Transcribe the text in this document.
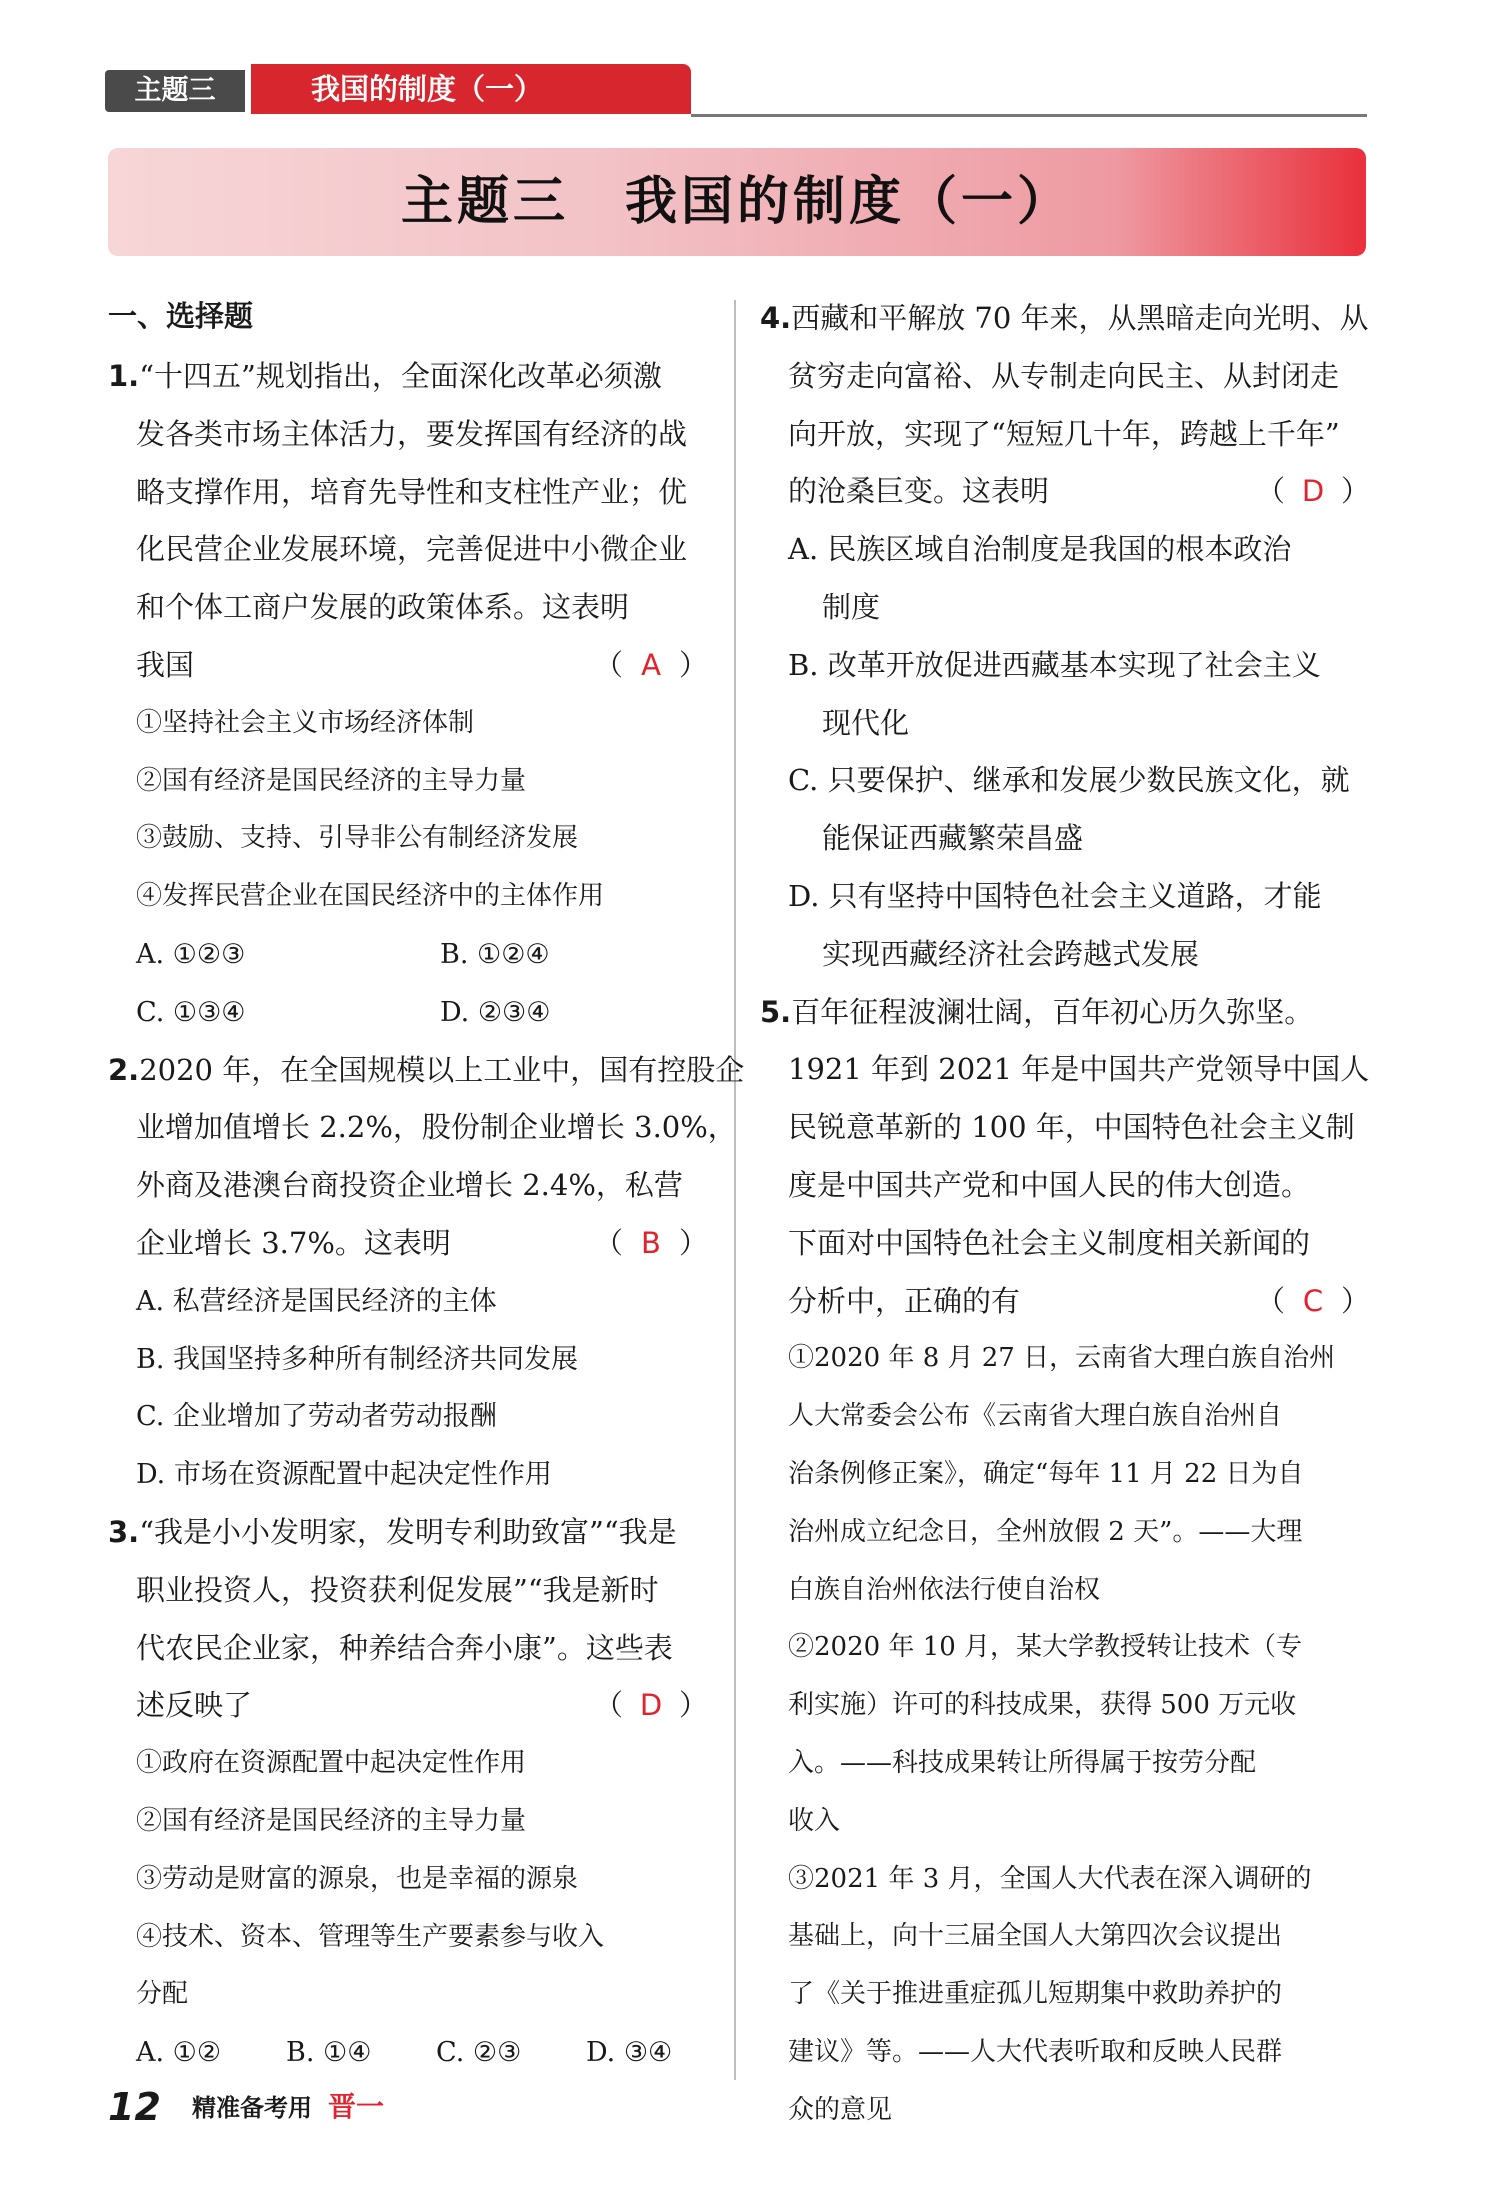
主题三	我国的制度（一）
主题三　我国的制度（一）
一、选择题
1.“十四五”规划指出，全面深化改革必须激
发各类市场主体活力，要发挥国有经济的战
略支撑作用，培育先导性和支柱性产业；优
化民营企业发展环境，完善促进中小微企业
和个体工商户发展的政策体系。这表明
我国	（ A ）
①坚持社会主义市场经济体制
②国有经济是国民经济的主导力量
③鼓励、支持、引导非公有制经济发展
④发挥民营企业在国民经济中的主体作用
A. ①②③	B. ①②④
C. ①③④	D. ②③④
2.2020 年，在全国规模以上工业中，国有控股企
业增加值增长 2.2%，股份制企业增长 3.0%，
外商及港澳台商投资企业增长 2.4%，私营
企业增长 3.7%。这表明	（ B ）
A. 私营经济是国民经济的主体
B. 我国坚持多种所有制经济共同发展
C. 企业增加了劳动者劳动报酬
D. 市场在资源配置中起决定性作用
3.“我是小小发明家，发明专利助致富”“我是
职业投资人，投资获利促发展”“我是新时
代农民企业家，种养结合奔小康”。这些表
述反映了	（ D ）
①政府在资源配置中起决定性作用
②国有经济是国民经济的主导力量
③劳动是财富的源泉，也是幸福的源泉
④技术、资本、管理等生产要素参与收入
分配
A. ①②	B. ①④	C. ②③	D. ③④
4.西藏和平解放 70 年来，从黑暗走向光明、从
贫穷走向富裕、从专制走向民主、从封闭走
向开放，实现了“短短几十年，跨越上千年”
的沧桑巨变。这表明	（ D ）
A. 民族区域自治制度是我国的根本政治
制度
B. 改革开放促进西藏基本实现了社会主义
现代化
C. 只要保护、继承和发展少数民族文化，就
能保证西藏繁荣昌盛
D. 只有坚持中国特色社会主义道路，才能
实现西藏经济社会跨越式发展
5.百年征程波澜壮阔，百年初心历久弥坚。
1921 年到 2021 年是中国共产党领导中国人
民锐意革新的 100 年，中国特色社会主义制
度是中国共产党和中国人民的伟大创造。
下面对中国特色社会主义制度相关新闻的
分析中，正确的有	（ C ）
①2020 年 8 月 27 日，云南省大理白族自治州
人大常委会公布《云南省大理白族自治州自
治条例修正案》，确定“每年 11 月 22 日为自
治州成立纪念日，全州放假 2 天”。——大理
白族自治州依法行使自治权
②2020 年 10 月，某大学教授转让技术（专
利实施）许可的科技成果，获得 500 万元收
入。——科技成果转让所得属于按劳分配
收入
③2021 年 3 月，全国人大代表在深入调研的
基础上，向十三届全国人大第四次会议提出
了《关于推进重症孤儿短期集中救助养护的
建议》等。——人大代表听取和反映人民群
众的意见
12 精准备考用 晋一
